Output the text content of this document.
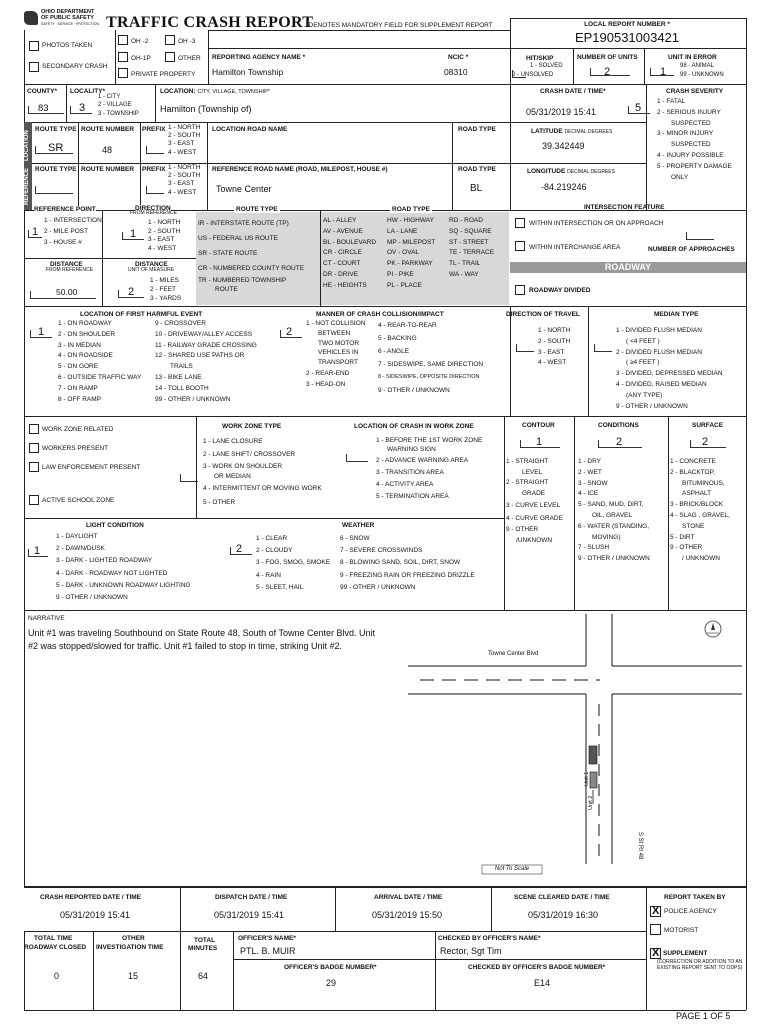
OHIO DEPARTMENT
OF PUBLIC SAFETY
SAFETY · SERVICE · PROTECTION TRAFFIC CRASH REPORT
*DENOTES MANDATORY FIELD FOR SUPPLEMENT REPORT	LOCAL REPORT NUMBER *
EP190531003421
PHOTOS TAKEN
SECONDARY CRASH
OH -2	OH -3
OH-1P	OTHER
PRIVATE PROPERTY
REPORTING AGENCY NAME *
Hamilton Township
NCIC *
08310
HIT/SKIP
1 - SOLVED
2 - UNSOLVED
NUMBER OF UNITS
2
UNIT IN ERROR
1 98 - ANIMAL
99 - UNKNOWN
COUNTY*
83
LOCALITY*
3
1 - CITY
2 - VILLAGE
3 - TOWNSHIP
LOCATION: CITY, VILLAGE, TOWNSHIP*
Hamilton (Township of)
CRASH DATE / TIME*
05/31/2019 15:41
CRASH SEVERITY
5
1 - FATAL
2 - SERIOUS INJURY
SUSPECTED
3 - MINOR INJURY
SUSPECTED
4 - INJURY POSSIBLE
5 - PROPERTY DAMAGE
ONLY
LOCATION
REFERENCE
ROUTE TYPE ROUTE NUMBER PREFIX 1 - NORTH
2 - SOUTH
3 - EAST
4 - WEST
LOCATION ROAD NAME	ROAD TYPE
SR	48
LATITUDE DECIMAL DEGREES
39.342449
ROUTE TYPE ROUTE NUMBER PREFIX 1 - NORTH
2 - SOUTH
3 - EAST
4 - WEST
REFERENCE ROAD NAME (ROAD, MILEPOST, HOUSE #)	ROAD TYPE
Towne Center	BL
LONGITUDE DECIMAL DEGREES
-84.219246
REFERENCE POINT
1 - INTERSECTION
2 - MILE POST
3 - HOUSE #
1
DIRECTION
FROM REFERENCE
1 - NORTH
2 - SOUTH
3 - EAST
4 - WEST
1
DISTANCE
FROM REFERENCE
50.00
DISTANCE
UNIT OF MEASURE
1 - MILES
2 - FEET
3 - YARDS
2
ROUTE TYPE
IR - INTERSTATE ROUTE (TP)
US - FEDERAL US ROUTE
SR - STATE ROUTE
CR - NUMBERED COUNTY ROUTE
TR - NUMBERED TOWNSHIP
ROUTE
ROAD TYPE
AL - ALLEY
AV - AVENUE
BL - BOULEVARD
CR - CIRCLE
CT - COURT
DR - DRIVE
HE - HEIGHTS
HW - HIGHWAY
LA - LANE
MP - MILEPOST
OV - OVAL
PK - PARKWAY
PI - PIKE
PL - PLACE
RD - ROAD
SQ - SQUARE
ST - STREET
TE - TERRACE
TL - TRAIL
WA - WAY
INTERSECTION FEATURE
WITHIN INTERSECTION OR ON APPROACH
WITHIN INTERCHANGE AREA	NUMBER OF APPROACHES
ROADWAY
ROADWAY DIVIDED
LOCATION OF FIRST HARMFUL EVENT
1
1 - ON ROADWAY
2 - ON SHOULDER
3 - IN MEDIAN
4 - ON ROADSIDE
5 - ON GORE
6 - OUTSIDE TRAFFIC WAY
7 - ON RAMP
8 - OFF RAMP
9 - CROSSOVER
10 - DRIVEWAY/ALLEY ACCESS
11 - RAILWAY GRADE CROSSING
12 - SHARED USE PATHS OR
TRAILS
13 - BIKE LANE
14 - TOLL BOOTH
99 - OTHER / UNKNOWN
MANNER OF CRASH COLLISION/IMPACT
2
1 - NOT COLLISION
BETWEEN
TWO MOTOR
VEHICLES IN
TRANSPORT
2 - REAR-END
3 - HEAD-ON
4 - REAR-TO-REAR
5 - BACKING
6 - ANGLE
7 - SIDESWIPE, SAME DIRECTION
8 - SIDESWIPE, OPPOSITE DIRECTION
9 - OTHER / UNKNOWN
DIRECTION OF TRAVEL
1 - NORTH
2 - SOUTH
3 - EAST
4 - WEST
MEDIAN TYPE
1 - DIVIDED FLUSH MEDIAN
( <4 FEET )
2 - DIVIDED FLUSH MEDIAN
( ≥4 FEET )
3 - DIVIDED, DEPRESSED MEDIAN
4 - DIVIDED, RAISED MEDIAN
(ANY TYPE)
9 - OTHER / UNKNOWN
WORK ZONE RELATED
WORKERS PRESENT
LAW ENFORCEMENT PRESENT
ACTIVE SCHOOL ZONE
WORK ZONE TYPE
1 - LANE CLOSURE
2 - LANE SHIFT/ CROSSOVER
3 - WORK ON SHOULDER
OR MEDIAN
4 - INTERMITTENT OR MOVING WORK
5 - OTHER
LOCATION OF CRASH IN WORK ZONE
1 - BEFORE THE 1ST WORK ZONE
WARNING SIGN
2 - ADVANCE WARNING AREA
3 - TRANSITION AREA
4 - ACTIVITY AREA
5 - TERMINATION AREA
CONTOUR
1
1 - STRAIGHT
LEVEL
2 - STRAIGHT
GRADE
3 - CURVE LEVEL
4 - CURVE GRADE
9 - OTHER
/UNKNOWN
CONDITIONS
2
1 - DRY
2 - WET
3 - SNOW
4 - ICE
5 - SAND, MUD, DIRT,
OIL, GRAVEL
6 - WATER (STANDING,
MOVING)
7 - SLUSH
9 - OTHER / UNKNOWN
SURFACE
2
1 - CONCRETE
2 - BLACKTOP,
BITUMINOUS,
ASPHALT
3 - BRICK/BLOCK
4 - SLAG , GRAVEL,
STONE
5 - DIRT
9 - OTHER
/ UNKNOWN
LIGHT CONDITION
1
1 - DAYLIGHT
2 - DAWN/DUSK
3 - DARK - LIGHTED ROADWAY
4 - DARK - ROADWAY NOT LIGHTED
5 - DARK - UNKNOWN ROADWAY LIGHTING
9 - OTHER / UNKNOWN
WEATHER
2
1 - CLEAR
2 - CLOUDY
3 - FOG, SMOG, SMOKE
4 - RAIN
5 - SLEET, HAIL
6 - SNOW
7 - SEVERE CROSSWINDS
8 - BLOWING SAND, SOIL, DIRT, SNOW
9 - FREEZING RAIN OR FREEZING DRIZZLE
99 - OTHER / UNKNOWN
NARRATIVE
Unit #1 was traveling Southbound on State Route 48, South of Towne Center Blvd. Unit #2 was stopped/slowed for traffic. Unit #1 failed to stop in time, striking Unit #2.
Towne Center Blvd
S St Rt 48
Unit 1
Unit 2
Not To Scale
CRASH REPORTED DATE / TIME
05/31/2019 15:41
DISPATCH DATE / TIME
05/31/2019 15:41
ARRIVAL DATE / TIME
05/31/2019 15:50
SCENE CLEARED DATE / TIME
05/31/2019 16:30
REPORT TAKEN BY
X POLICE AGENCY
MOTORIST
X SUPPLEMENT
(CORRECTION OR ADDITION TO AN EXISTING REPORT SENT TO ODPS)
TOTAL TIME
ROADWAY CLOSED
0
OTHER
INVESTIGATION TIME
15
TOTAL
MINUTES
64
OFFICER'S NAME*
PTL. B. MUIR
CHECKED BY OFFICER'S NAME*
Rector, Sgt Tim
OFFICER'S BADGE NUMBER*
29
CHECKED BY OFFICER'S BADGE NUMBER*
E14
PAGE 1 OF 5
